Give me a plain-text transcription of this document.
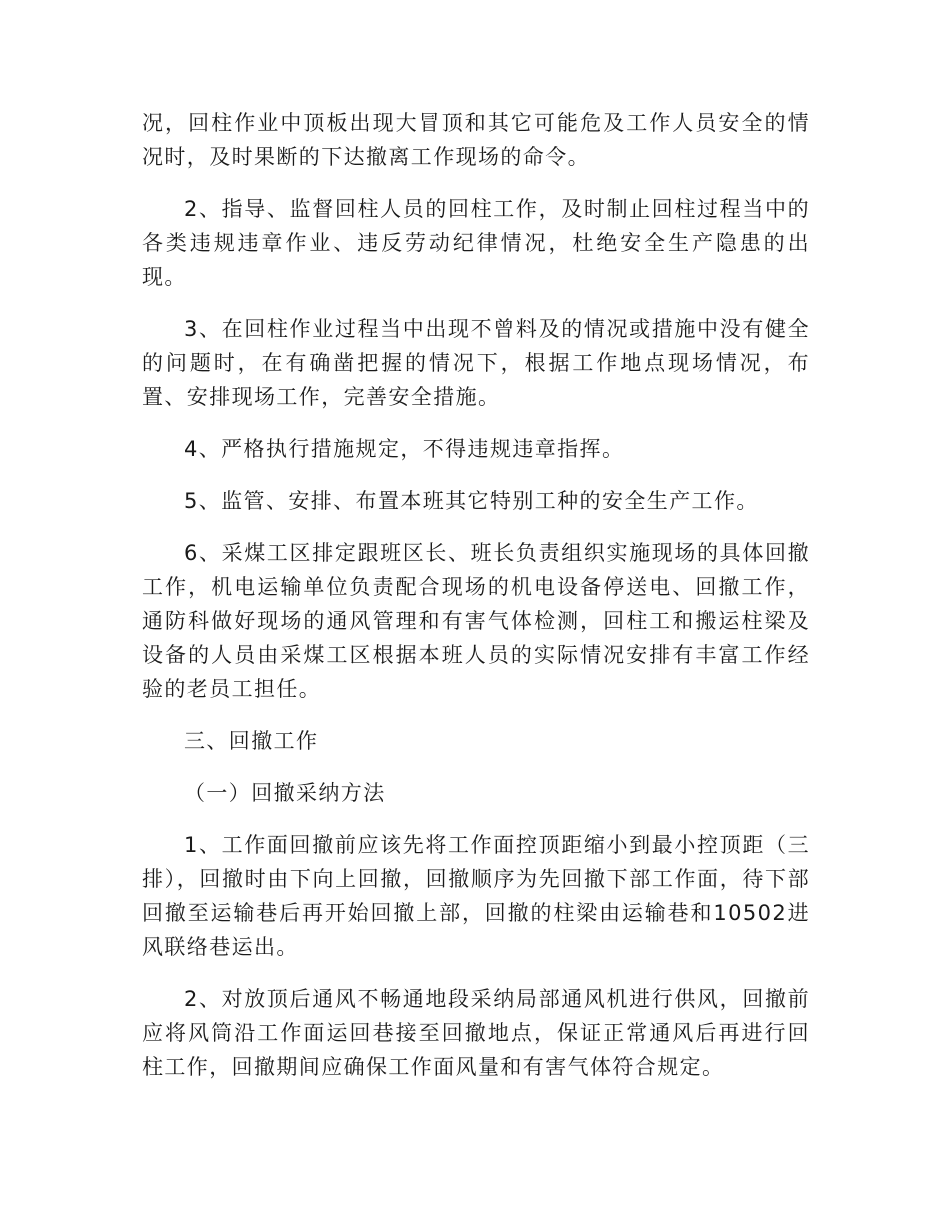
况，回柱作业中顶板出现大冒顶和其它可能危及工作人员安全的情况时，及时果断的下达撤离工作现场的命令。

2、指导、监督回柱人员的回柱工作，及时制止回柱过程当中的各类违规违章作业、违反劳动纪律情况，杜绝安全生产隐患的出现。

3、在回柱作业过程当中出现不曾料及的情况或措施中没有健全的问题时，在有确凿把握的情况下，根据工作地点现场情况，布置、安排现场工作，完善安全措施。

4、严格执行措施规定，不得违规违章指挥。

5、监管、安排、布置本班其它特别工种的安全生产工作。

6、采煤工区排定跟班区长、班长负责组织实施现场的具体回撤工作，机电运输单位负责配合现场的机电设备停送电、回撤工作，通防科做好现场的通风管理和有害气体检测，回柱工和搬运柱梁及设备的人员由采煤工区根据本班人员的实际情况安排有丰富工作经验的老员工担任。

三、回撤工作

（一）回撤采纳方法

1、工作面回撤前应该先将工作面控顶距缩小到最小控顶距（三排），回撤时由下向上回撤，回撤顺序为先回撤下部工作面，待下部回撤至运输巷后再开始回撤上部，回撤的柱梁由运输巷和10502进风联络巷运出。

2、对放顶后通风不畅通地段采纳局部通风机进行供风，回撤前应将风筒沿工作面运回巷接至回撤地点，保证正常通风后再进行回柱工作，回撤期间应确保工作面风量和有害气体符合规定。
